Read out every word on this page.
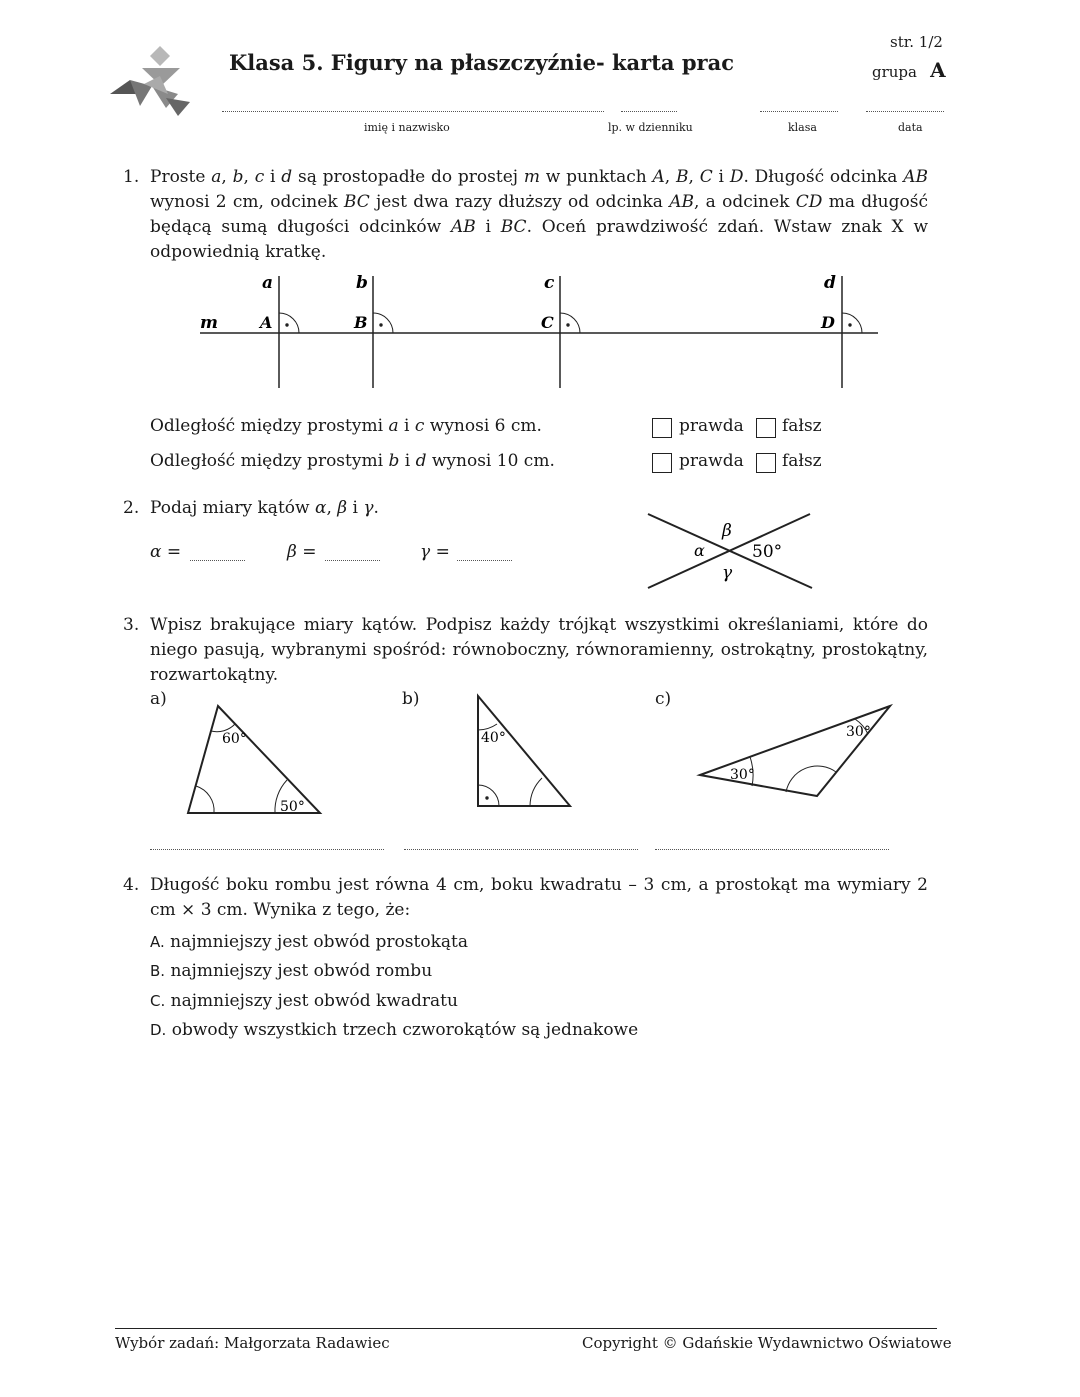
Klasa 5. Figury na płaszczyźnie- karta prac
str. 1/2
grupa A
imię i nazwisko	lp. w dzienniku	klasa	data
1. Proste a, b, c i d są prostopadłe do prostej m w punktach A, B, C i D. Długość odcinka AB wynosi 2 cm, odcinek BC jest dwa razy dłuższy od odcinka AB, a odcinek CD ma długość będącą sumą długości odcinków AB i BC. Oceń prawdziwość zdań. Wstaw znak X w odpowiednią kratkę.
a	b	c	d
A	B	C	D
m
Odległość między prostymi a i c wynosi 6 cm.
Odległość między prostymi b i d wynosi 10 cm.
prawda fałsz
prawda fałsz
2. Podaj miary kątów α, β i γ.
α =	β =	γ =
β
α
γ
50°
3. Wpisz brakujące miary kątów. Podpisz każdy trójkąt wszystkimi określaniami, które do niego pasują, wybranymi spośród: równoboczny, równoramienny, ostrokątny, prostokątny, rozwartokątny.
a)	b)	c)
60°
50°
40°
30°
30°
4. Długość boku rombu jest równa 4 cm, boku kwadratu – 3 cm, a prostokąt ma wymiary 2 cm × 3 cm. Wynika z tego, że:
A. najmniejszy jest obwód prostokąta
B. najmniejszy jest obwód rombu
C. najmniejszy jest obwód kwadratu
D. obwody wszystkich trzech czworokątów są jednakowe
Wybór zadań: Małgorzata Radawiec	Copyright © Gdańskie Wydawnictwo Oświatowe
